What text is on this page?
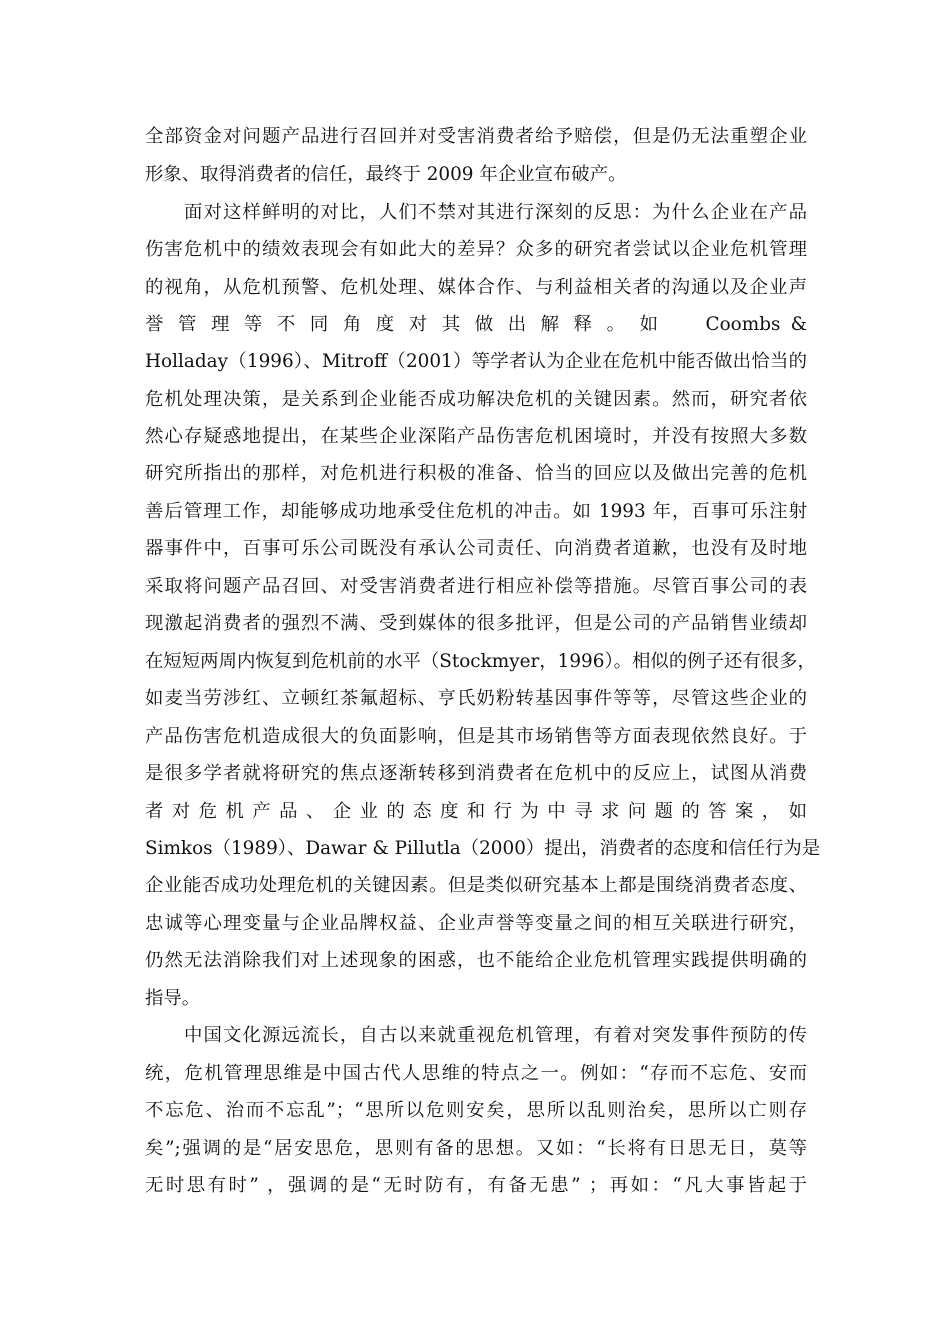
全部资金对问题产品进行召回并对受害消费者给予赔偿，但是仍无法重塑企业
形象、取得消费者的信任，最终于 2009 年企业宣布破产。
　　面对这样鲜明的对比，人们不禁对其进行深刻的反思：为什么企业在产品
伤害危机中的绩效表现会有如此大的差异？众多的研究者尝试以企业危机管理
的视角，从危机预警、危机处理、媒体合作、与利益相关者的沟通以及企业声
誉 管 理 等 不 同 角 度 对 其 做 出 解 释 。 如 　 Coombs &
Holladay（1996）、Mitroff（2001）等学者认为企业在危机中能否做出恰当的
危机处理决策，是关系到企业能否成功解决危机的关键因素。然而，研究者依
然心存疑惑地提出，在某些企业深陷产品伤害危机困境时，并没有按照大多数
研究所指出的那样，对危机进行积极的准备、恰当的回应以及做出完善的危机
善后管理工作，却能够成功地承受住危机的冲击。如 1993 年，百事可乐注射
器事件中，百事可乐公司既没有承认公司责任、向消费者道歉，也没有及时地
采取将问题产品召回、对受害消费者进行相应补偿等措施。尽管百事公司的表
现激起消费者的强烈不满、受到媒体的很多批评，但是公司的产品销售业绩却
在短短两周内恢复到危机前的水平（Stockmyer，1996）。相似的例子还有很多，
如麦当劳涉红、立顿红茶氟超标、亨氏奶粉转基因事件等等，尽管这些企业的
产品伤害危机造成很大的负面影响，但是其市场销售等方面表现依然良好。于
是很多学者就将研究的焦点逐渐转移到消费者在危机中的反应上，试图从消费
者 对 危 机 产 品 、 企 业 的 态 度 和 行 为 中 寻 求 问 题 的 答 案 ， 如
Simkos（1989）、Dawar & Pillutla（2000）提出，消费者的态度和信任行为是
企业能否成功处理危机的关键因素。但是类似研究基本上都是围绕消费者态度、
忠诚等心理变量与企业品牌权益、企业声誉等变量之间的相互关联进行研究，
仍然无法消除我们对上述现象的困惑，也不能给企业危机管理实践提供明确的
指导。
　　中国文化源远流长，自古以来就重视危机管理，有着对突发事件预防的传
统，危机管理思维是中国古代人思维的特点之一。例如：“存而不忘危、安而
不忘危、治而不忘乱”；“思所以危则安矣，思所以乱则治矣，思所以亡则存
矣”;强调的是“居安思危，思则有备的思想。又如：“长将有日思无日，莫等
无时思有时” ，强调的是“无时防有，有备无患” ；再如：“凡大事皆起于
